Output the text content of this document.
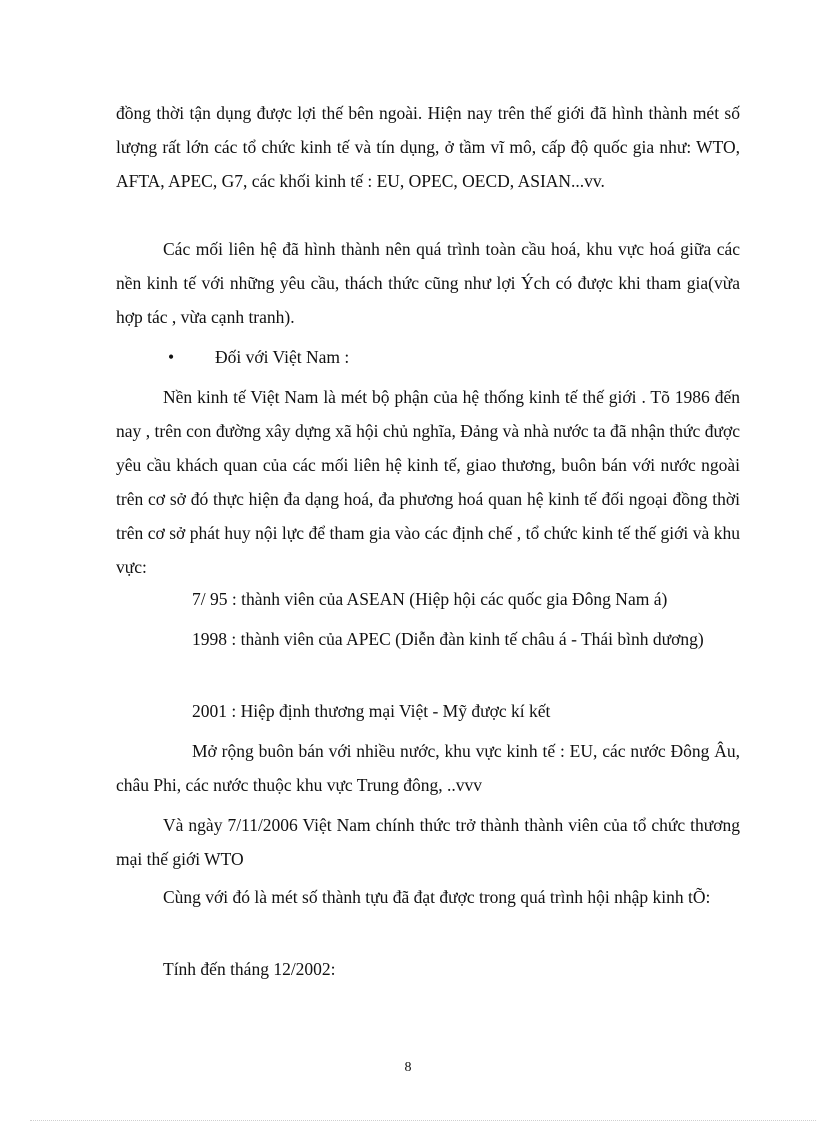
đồng thời tận dụng được lợi thế bên ngoài. Hiện nay trên thế giới đã hình thành mét số lượng rất lớn các tổ chức kinh tế và tín dụng, ở tầm vĩ mô, cấp độ quốc gia như: WTO, AFTA, APEC, G7, các khối kinh tế : EU, OPEC, OECD, ASIAN...vv.

Các mối liên hệ đã hình thành nên quá trình toàn cầu hoá, khu vực hoá giữa các nền kinh tế với những yêu cầu, thách thức cũng như lợi Ých có được khi tham gia(vừa hợp tác , vừa cạnh tranh).

• Đối với Việt Nam :

Nền kinh tế Việt Nam là mét bộ phận của hệ thống kinh tế thế giới . Tõ 1986 đến nay , trên con đường xây dựng xã hội chủ nghĩa, Đảng và nhà nước ta đã nhận thức được yêu cầu khách quan của các mối liên hệ kinh tế, giao thương, buôn bán với nước ngoài trên cơ sở đó thực hiện đa dạng hoá, đa phương hoá quan hệ kinh tế đối ngoại đồng thời trên cơ sở phát huy nội lực để tham gia vào các định chế , tổ chức kinh tế thế giới và khu vực:

7/ 95 : thành viên của ASEAN (Hiệp hội các quốc gia Đông Nam á)

1998 : thành viên của APEC (Diễn đàn kinh tế châu á - Thái bình dương)

2001 : Hiệp định thương mại Việt - Mỹ được kí kết

Mở rộng buôn bán với nhiều nước, khu vực kinh tế : EU, các nước Đông Âu, châu Phi, các nước thuộc khu vực Trung đông, ..vvv

Và ngày 7/11/2006 Việt Nam chính thức trở thành thành viên của tổ chức thương mại thế giới WTO

Cùng với đó là mét số thành tựu đã đạt được trong quá trình hội nhập kinh tÕ:

Tính đến tháng 12/2002:

8
